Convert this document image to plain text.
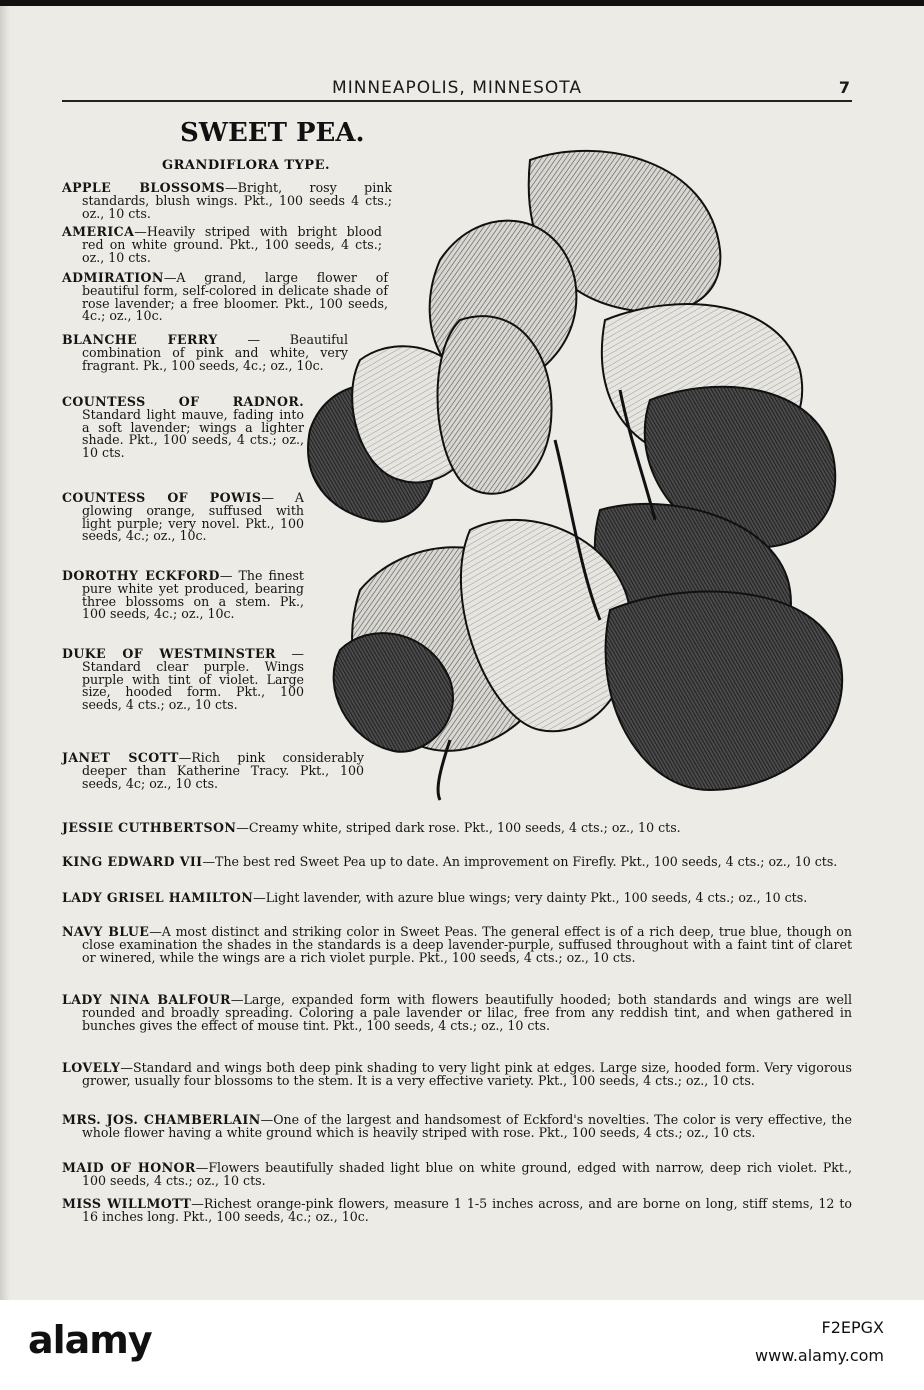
MINNEAPOLIS, MINNESOTA	7
SWEET PEA.
GRANDIFLORA TYPE.
APPLE BLOSSOMS—Bright, rosy pink standards, blush wings. Pkt., 100 seeds 4 cts.; oz., 10 cts.
AMERICA—Heavily striped with bright blood red on white ground. Pkt., 100 seeds, 4 cts.; oz., 10 cts.
ADMIRATION—A grand, large flower of beautiful form, self-colored in delicate shade of rose lavender; a free bloomer. Pkt., 100 seeds, 4c.; oz., 10c.
BLANCHE FERRY — Beautiful combination of pink and white, very fragrant. Pk., 100 seeds, 4c.; oz., 10c.
COUNTESS OF RADNOR. Standard light mauve, fading into a soft lavender; wings a lighter shade. Pkt., 100 seeds, 4 cts.; oz., 10 cts.
COUNTESS OF POWIS— A glowing orange, suffused with light purple; very novel. Pkt., 100 seeds, 4c.; oz., 10c.
DOROTHY ECKFORD— The finest pure white yet produced, bearing three blossoms on a stem. Pk., 100 seeds, 4c.; oz., 10c.
DUKE OF WESTMINSTER — Standard clear purple. Wings purple with tint of violet. Large size, hooded form. Pkt., 100 seeds, 4 cts.; oz., 10 cts.
JANET SCOTT—Rich pink considerably deeper than Katherine Tracy. Pkt., 100 seeds, 4c; oz., 10 cts.
JESSIE CUTHBERTSON—Creamy white, striped dark rose. Pkt., 100 seeds, 4 cts.; oz., 10 cts.
KING EDWARD VII—The best red Sweet Pea up to date. An improvement on Firefly. Pkt., 100 seeds, 4 cts.; oz., 10 cts.
LADY GRISEL HAMILTON—Light lavender, with azure blue wings; very dainty Pkt., 100 seeds, 4 cts.; oz., 10 cts.
NAVY BLUE—A most distinct and striking color in Sweet Peas. The general effect is of a rich deep, true blue, though on close examination the shades in the standards is a deep lavender-purple, suffused throughout with a faint tint of claret or winered, while the wings are a rich violet purple. Pkt., 100 seeds, 4 cts.; oz., 10 cts.
LADY NINA BALFOUR—Large, expanded form with flowers beautifully hooded; both standards and wings are well rounded and broadly spreading. Coloring a pale lavender or lilac, free from any reddish tint, and when gathered in bunches gives the effect of mouse tint. Pkt., 100 seeds, 4 cts.; oz., 10 cts.
LOVELY—Standard and wings both deep pink shading to very light pink at edges. Large size, hooded form. Very vigorous grower, usually four blossoms to the stem. It is a very effective variety. Pkt., 100 seeds, 4 cts.; oz., 10 cts.
MRS. JOS. CHAMBERLAIN—One of the largest and handsomest of Eckford's novelties. The color is very effective, the whole flower having a white ground which is heavily striped with rose. Pkt., 100 seeds, 4 cts.; oz., 10 cts.
MAID OF HONOR—Flowers beautifully shaded light blue on white ground, edged with narrow, deep rich violet. Pkt., 100 seeds, 4 cts.; oz., 10 cts.
MISS WILLMOTT—Richest orange-pink flowers, measure 1 1-5 inches across, and are borne on long, stiff stems, 12 to 16 inches long. Pkt., 100 seeds, 4c.; oz., 10c.
alamy	F2EPGX
www.alamy.com
